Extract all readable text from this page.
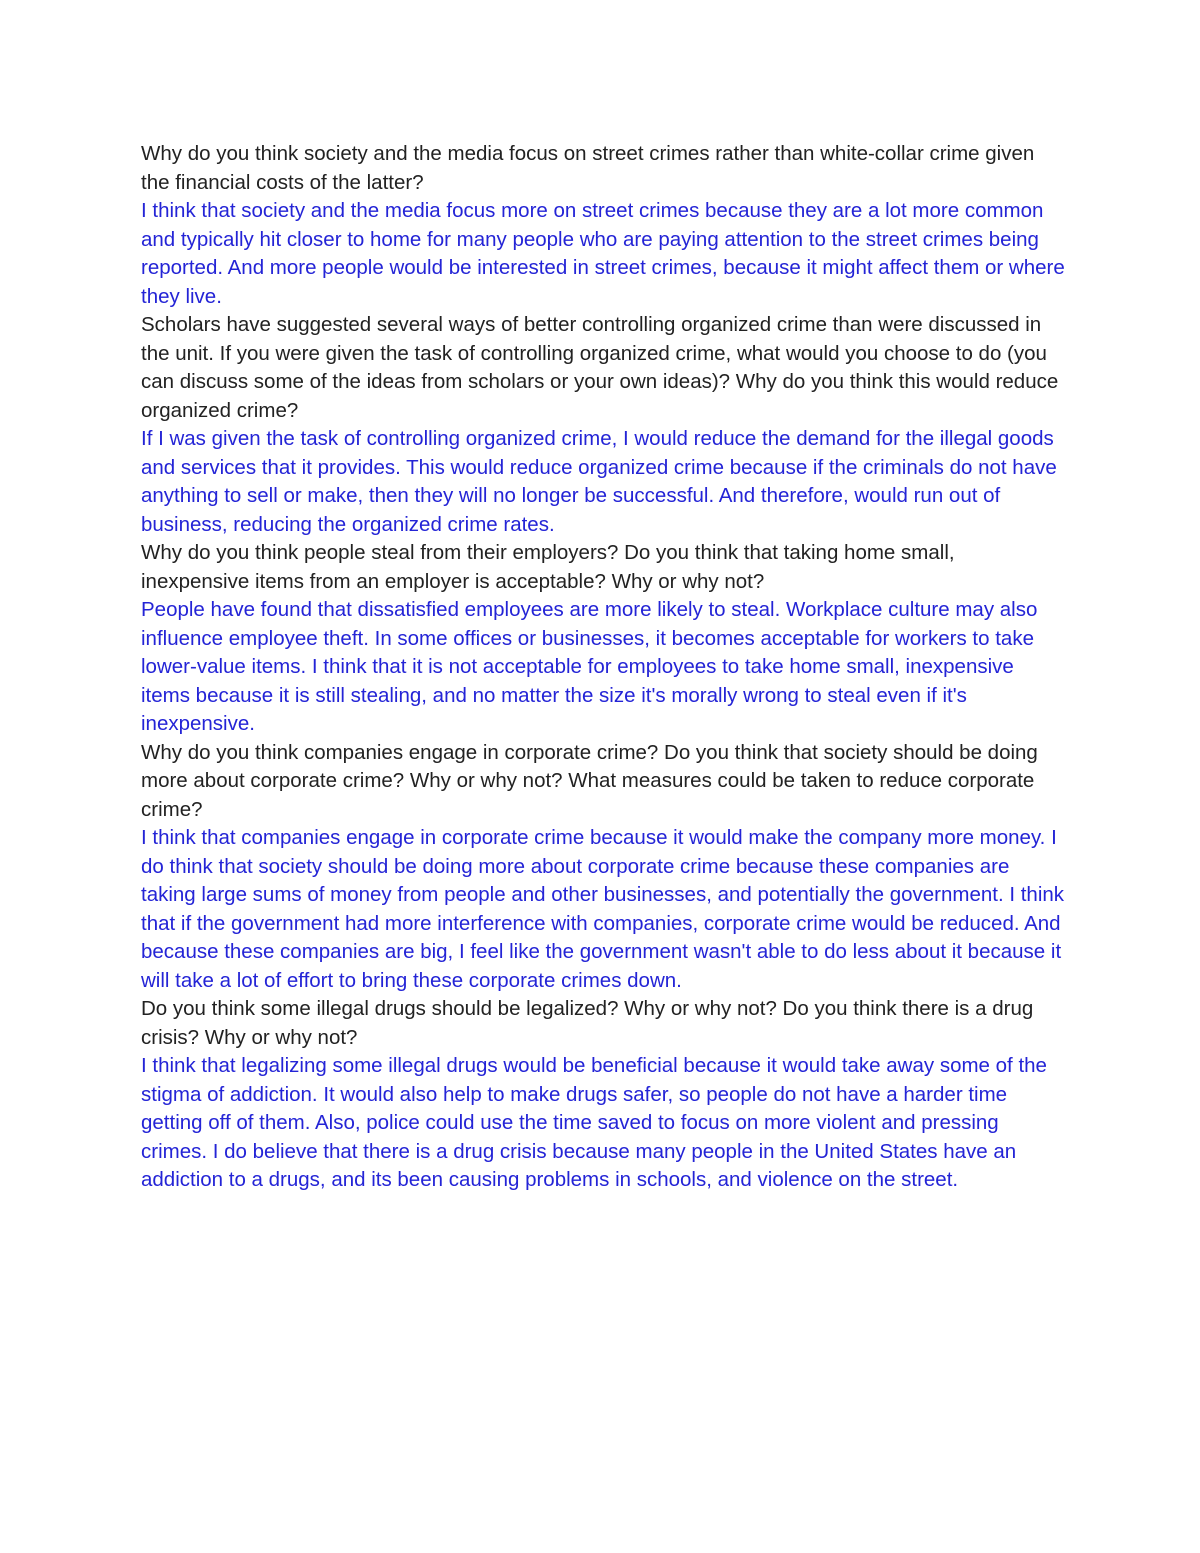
Why do you think society and the media focus on street crimes rather than white-collar crime given the financial costs of the latter?

I think that society and the media focus more on street crimes because they are a lot more common and typically hit closer to home for many people who are paying attention to the street crimes being reported. And more people would be interested in street crimes, because it might affect them or where they live.

Scholars have suggested several ways of better controlling organized crime than were discussed in the unit. If you were given the task of controlling organized crime, what would you choose to do (you can discuss some of the ideas from scholars or your own ideas)? Why do you think this would reduce organized crime?

If I was given the task of controlling organized crime, I would reduce the demand for the illegal goods and services that it provides. This would reduce organized crime because if the criminals do not have anything to sell or make, then they will no longer be successful. And therefore, would run out of business, reducing the organized crime rates.

Why do you think people steal from their employers? Do you think that taking home small, inexpensive items from an employer is acceptable? Why or why not?

People have found that dissatisfied employees are more likely to steal. Workplace culture may also influence employee theft. In some offices or businesses, it becomes acceptable for workers to take lower-value items. I think that it is not acceptable for employees to take home small, inexpensive items because it is still stealing, and no matter the size it's morally wrong to steal even if it's inexpensive.

Why do you think companies engage in corporate crime? Do you think that society should be doing more about corporate crime? Why or why not? What measures could be taken to reduce corporate crime?

I think that companies engage in corporate crime because it would make the company more money. I do think that society should be doing more about corporate crime because these companies are taking large sums of money from people and other businesses, and potentially the government. I think that if the government had more interference with companies, corporate crime would be reduced. And because these companies are big, I feel like the government wasn't able to do less about it because it will take a lot of effort to bring these corporate crimes down.

Do you think some illegal drugs should be legalized? Why or why not? Do you think there is a drug crisis? Why or why not?

I think that legalizing some illegal drugs would be beneficial because it would take away some of the stigma of addiction. It would also help to make drugs safer, so people do not have a harder time getting off of them. Also, police could use the time saved to focus on more violent and pressing crimes. I do believe that there is a drug crisis because many people in the United States have an addiction to a drugs, and its been causing problems in schools, and violence on the street.
